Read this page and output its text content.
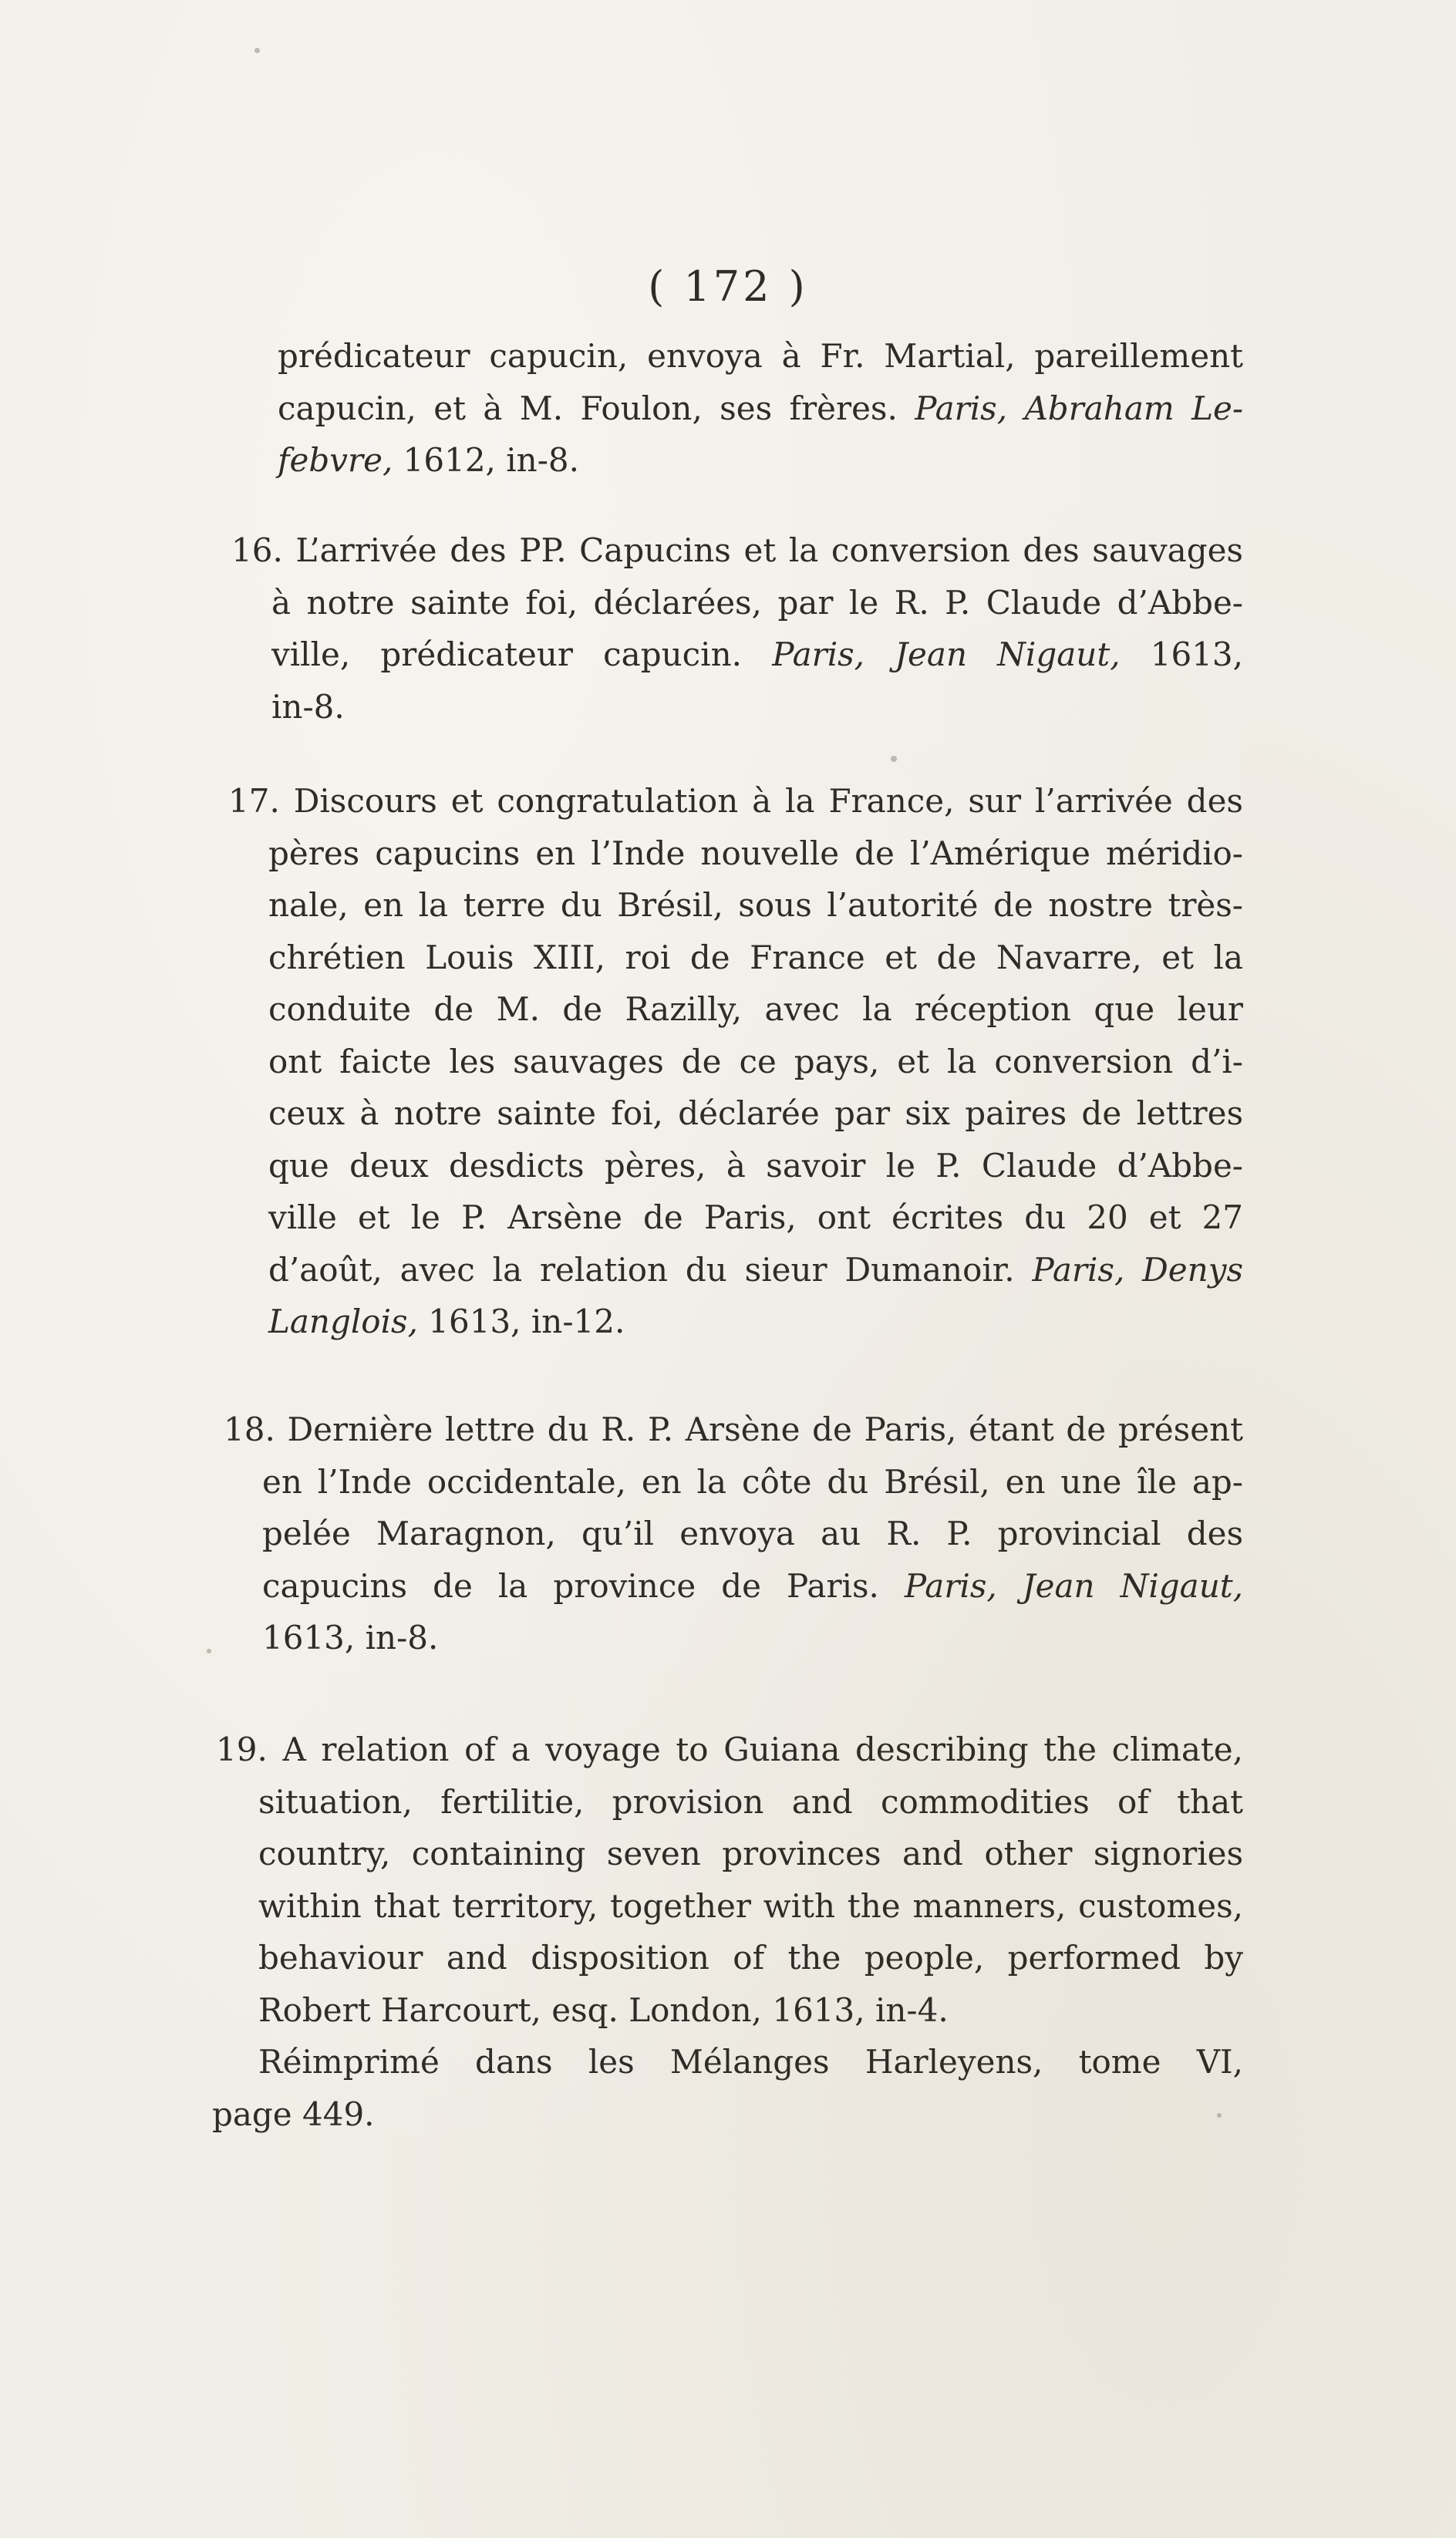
( 172 )
prédicateur capucin, envoya à Fr. Martial, pareillement
capucin, et à M. Foulon, ses frères. Paris, Abraham Le-
febvre, 1612, in-8.
16. L’arrivée des PP. Capucins et la conversion des sauvages
à notre sainte foi, déclarées, par le R. P. Claude d’Abbe-
ville, prédicateur capucin. Paris, Jean Nigaut, 1613,
in-8.
17. Discours et congratulation à la France, sur l’arrivée des
pères capucins en l’Inde nouvelle de l’Amérique méridio-
nale, en la terre du Brésil, sous l’autorité de nostre très-
chrétien Louis XIII, roi de France et de Navarre, et la
conduite de M. de Razilly, avec la réception que leur
ont faicte les sauvages de ce pays, et la conversion d’i-
ceux à notre sainte foi, déclarée par six paires de lettres
que deux desdicts pères, à savoir le P. Claude d’Abbe-
ville et le P. Arsène de Paris, ont écrites du 20 et 27
d’août, avec la relation du sieur Dumanoir. Paris, Denys
Langlois, 1613, in-12.
18. Dernière lettre du R. P. Arsène de Paris, étant de présent
en l’Inde occidentale, en la côte du Brésil, en une île ap-
pelée Maragnon, qu’il envoya au R. P. provincial des
capucins de la province de Paris. Paris, Jean Nigaut,
1613, in-8.
19. A relation of a voyage to Guiana describing the climate,
situation, fertilitie, provision and commodities of that
country, containing seven provinces and other signories
within that territory, together with the manners, customes,
behaviour and disposition of the people, performed by
Robert Harcourt, esq. London, 1613, in-4.
Réimprimé dans les Mélanges Harleyens, tome VI,
page 449.
